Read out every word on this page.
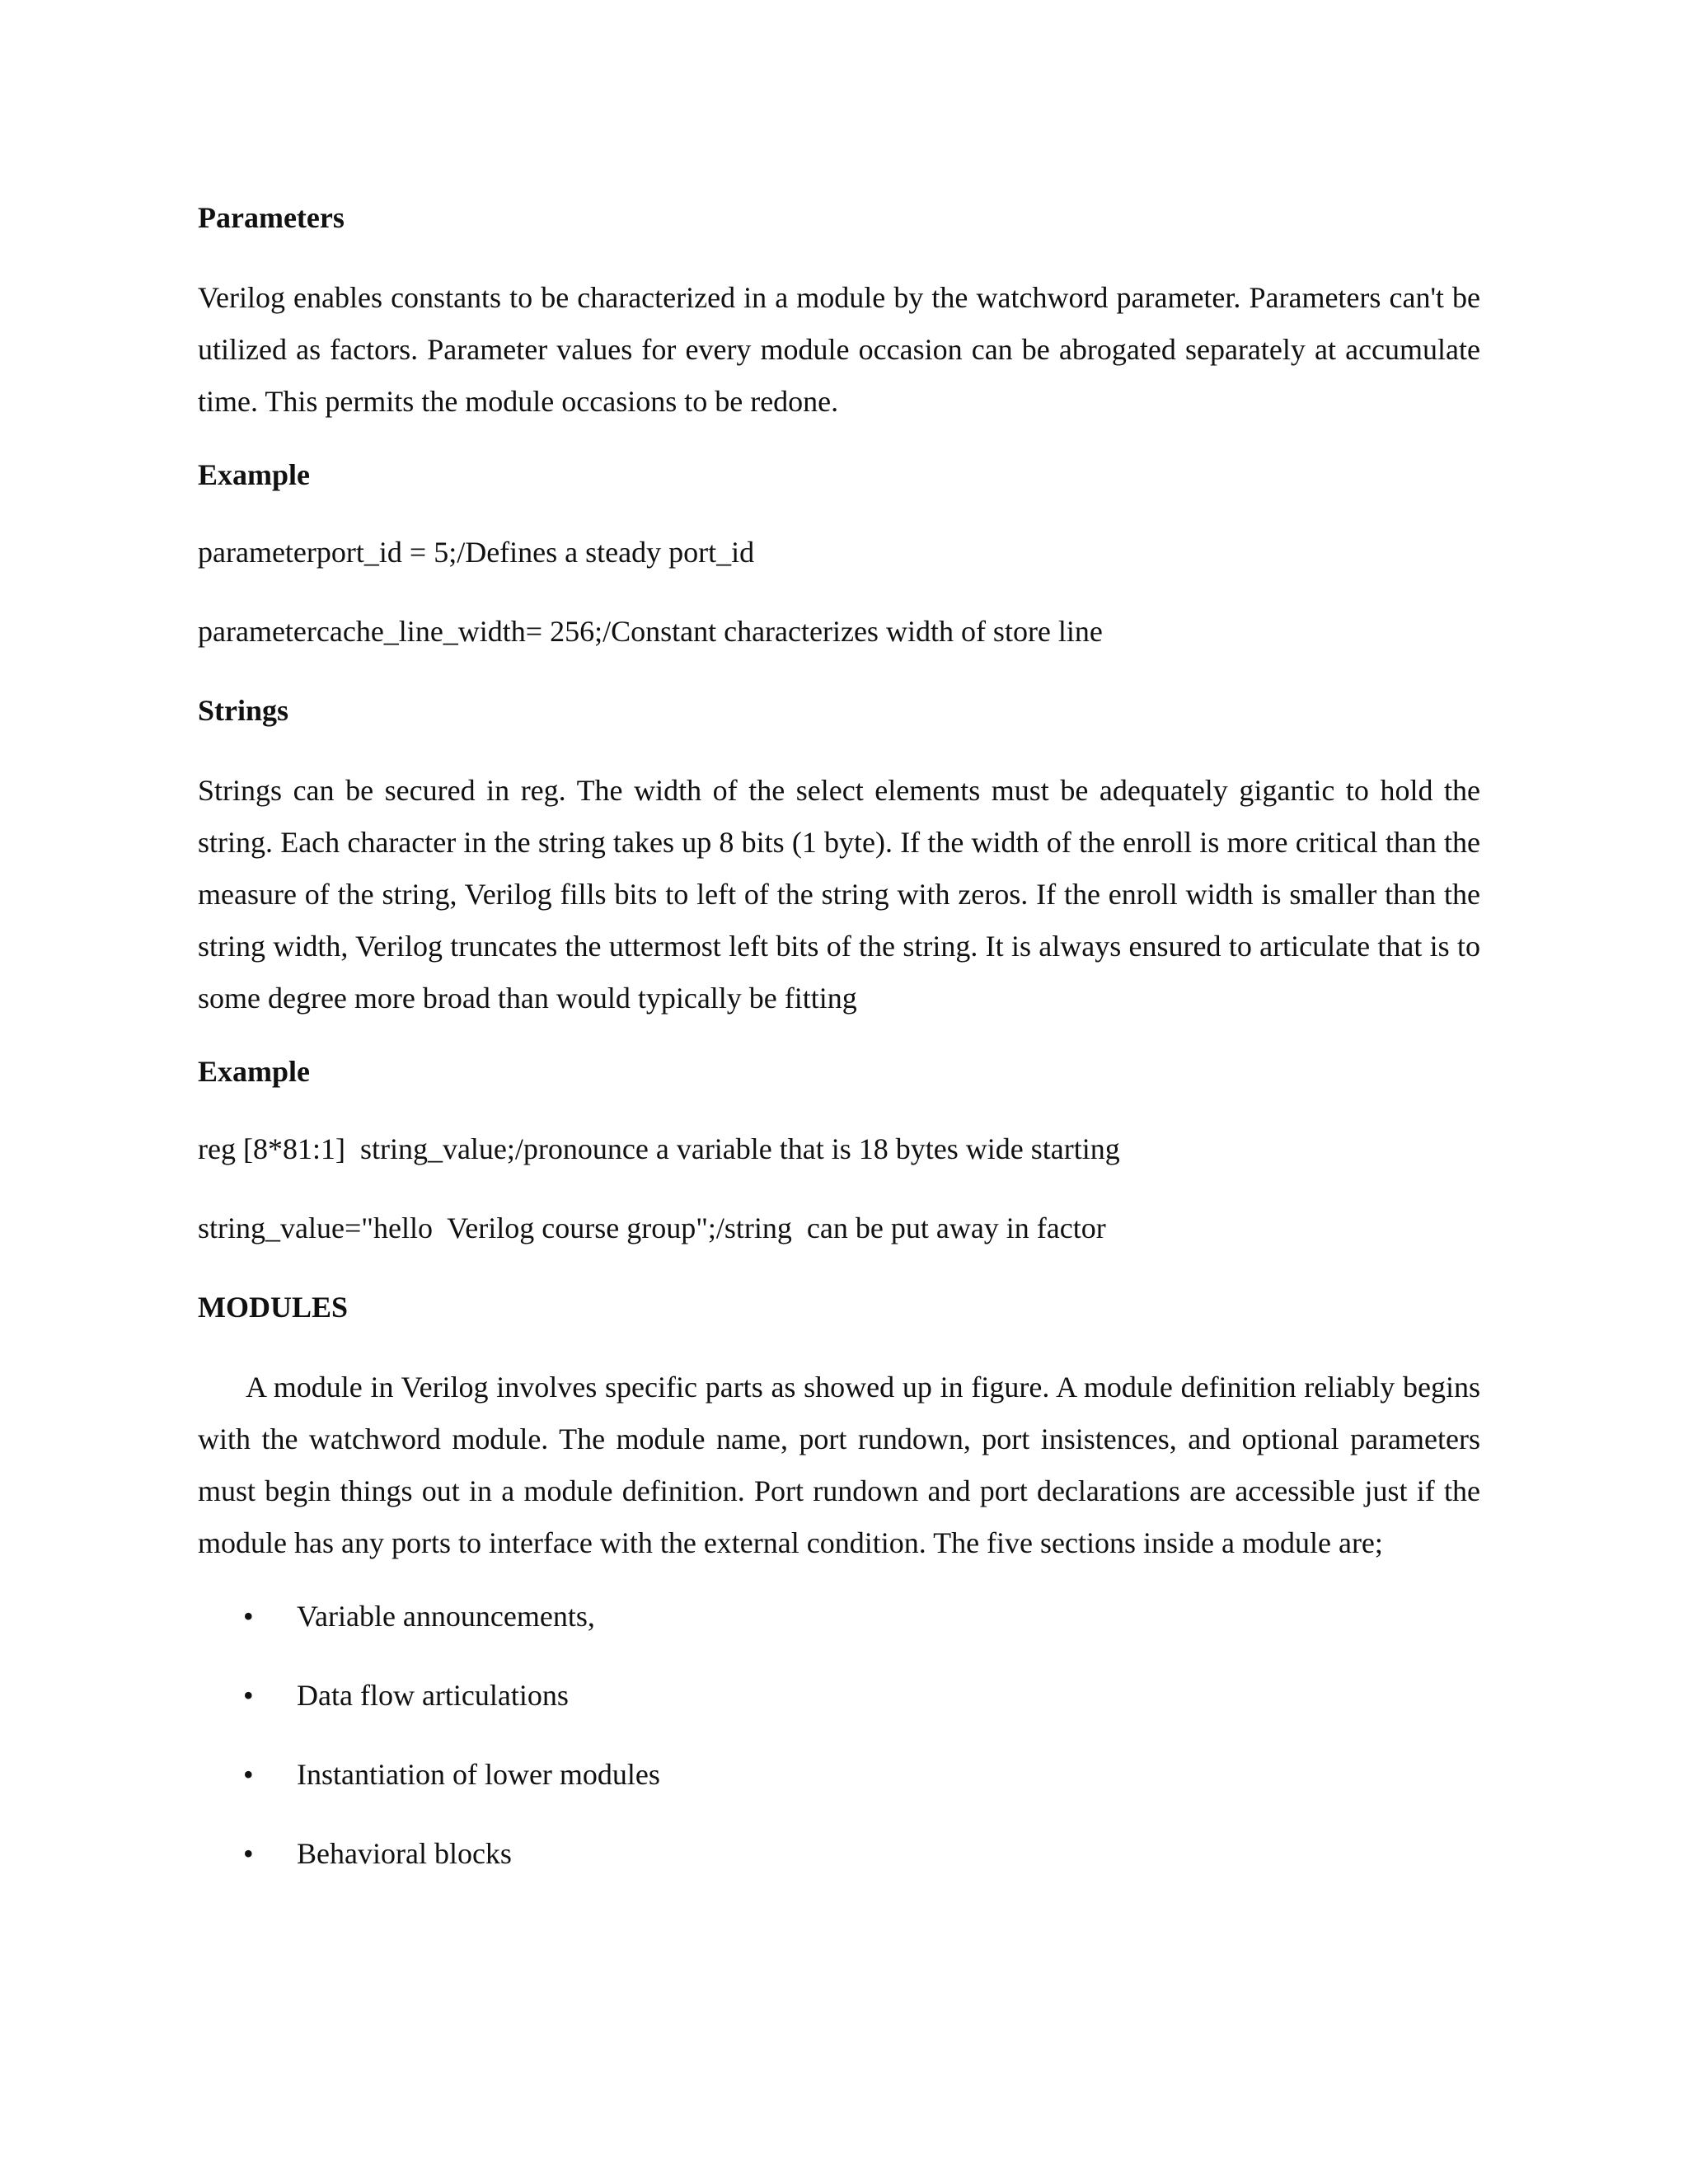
Parameters

Verilog enables constants to be characterized in a module by the watchword parameter. Parameters can't be utilized as factors. Parameter values for every module occasion can be abrogated separately at accumulate time. This permits the module occasions to be redone.

Example

parameterport_id = 5;/Defines a steady port_id

parametercache_line_width= 256;/Constant characterizes width of store line

Strings

Strings can be secured in reg. The width of the select elements must be adequately gigantic to hold the string. Each character in the string takes up 8 bits (1 byte). If the width of the enroll is more critical than the measure of the string, Verilog fills bits to left of the string with zeros. If the enroll width is smaller than the string width, Verilog truncates the uttermost left bits of the string. It is always ensured to articulate that is to some degree more broad than would typically be fitting

Example

reg [8*81:1]  string_value;/pronounce a variable that is 18 bytes wide starting

string_value="hello  Verilog course group";/string  can be put away in factor

MODULES

A module in Verilog involves specific parts as showed up in figure. A module definition reliably begins with the watchword module. The module name, port rundown, port insistences, and optional parameters must begin things out in a module definition. Port rundown and port declarations are accessible just if the module has any ports to interface with the external condition. The five sections inside a module are;

• Variable announcements,
• Data flow articulations
• Instantiation of lower modules
• Behavioral blocks
